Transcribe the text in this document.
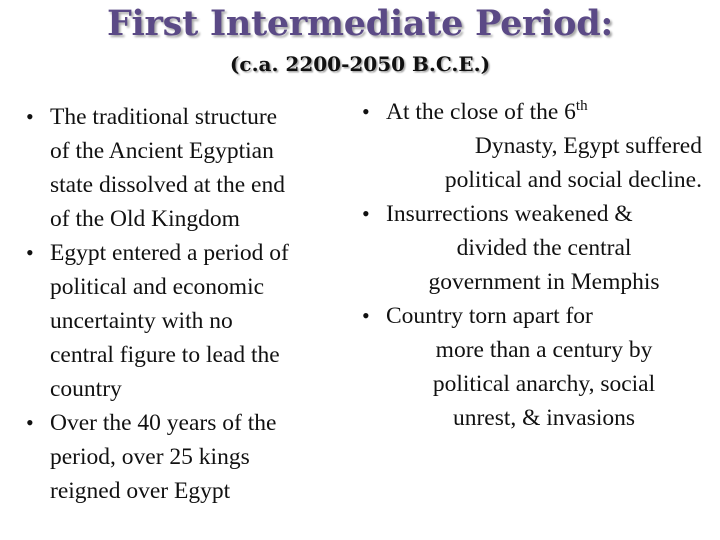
First Intermediate Period:
(c.a. 2200-2050 B.C.E.)
• The traditional structure
of the Ancient Egyptian
state dissolved at the end
of the Old Kingdom
• Egypt entered a period of
political and economic
uncertainty with no
central figure to lead the
country
• Over the 40 years of the
period, over 25 kings
reigned over Egypt
• At the close of the 6th
Dynasty, Egypt suffered
political and social decline.
• Insurrections weakened &
divided the central
government in Memphis
• Country torn apart for
more than a century by
political anarchy, social
unrest, & invasions
